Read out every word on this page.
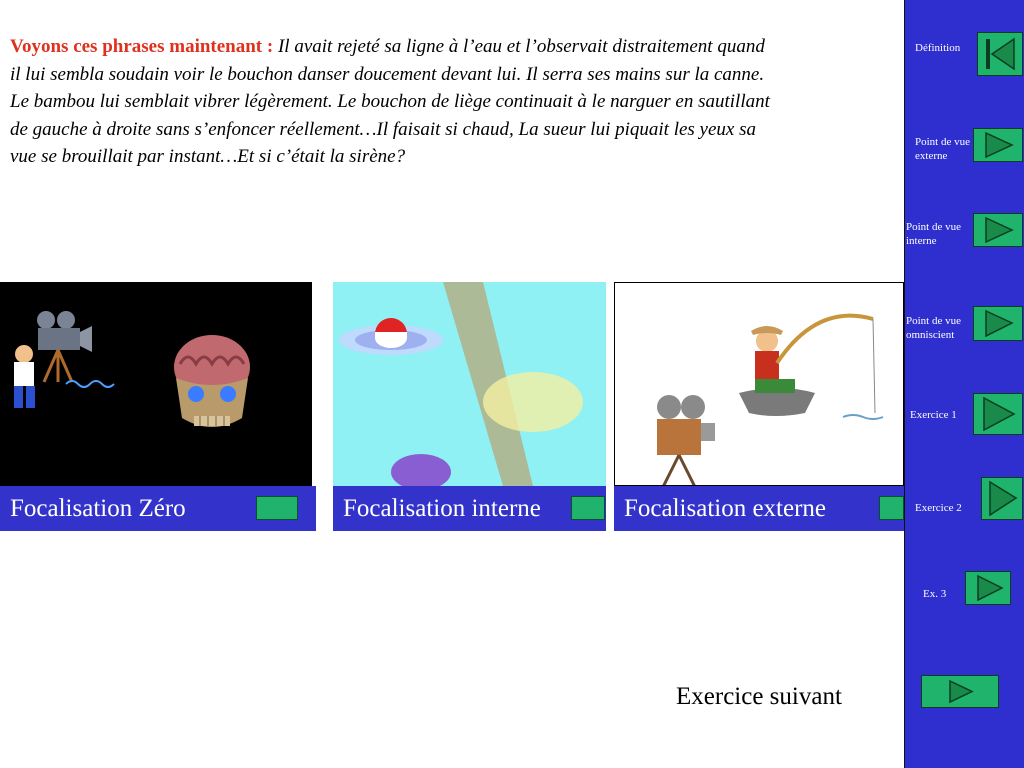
Voyons ces phrases maintenant : Il avait rejeté sa ligne à l’eau et l’observait distraitement quand il lui sembla soudain voir le bouchon danser doucement devant lui. Il serra ses mains sur la canne. Le bambou lui semblait vibrer légèrement. Le bouchon de liège continuait à le narguer en sautillant de gauche à droite sans s’enfoncer réellement…Il faisait si chaud, La sueur lui piquait les yeux sa vue se brouillait par instant…Et si c’était la sirène?
Focalisation Zéro	Focalisation interne	Focalisation externe
Définition
Point de vue externe
Point de vue interne
Point de vue omniscient
Exercice 1
Exercice 2
Ex. 3
Exercice suivant
